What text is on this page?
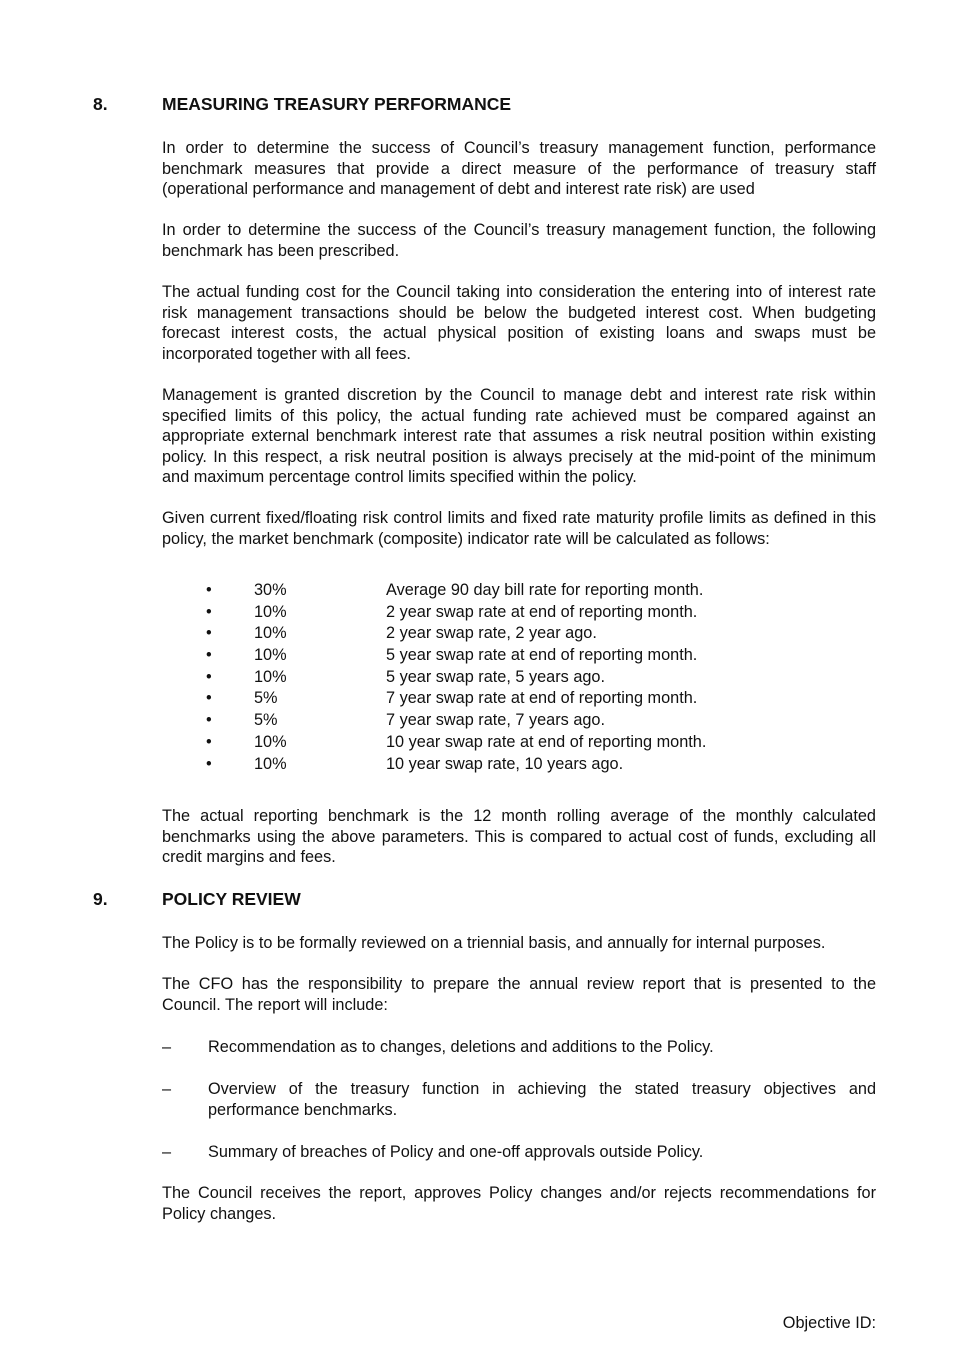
8.	MEASURING TREASURY PERFORMANCE

In order to determine the success of Council’s treasury management function, performance benchmark measures that provide a direct measure of the performance of treasury staff (operational performance and management of debt and interest rate risk) are used

In order to determine the success of the Council’s treasury management function, the following benchmark has been prescribed.

The actual funding cost for the Council taking into consideration the entering into of interest rate risk management transactions should be below the budgeted interest cost. When budgeting forecast interest costs, the actual physical position of existing loans and swaps must be incorporated together with all fees.

Management is granted discretion by the Council to manage debt and interest rate risk within specified limits of this policy, the actual funding rate achieved must be compared against an appropriate external benchmark interest rate that assumes a risk neutral position within existing policy. In this respect, a risk neutral position is always precisely at the mid-point of the minimum and maximum percentage control limits specified within the policy.

Given current fixed/floating risk control limits and fixed rate maturity profile limits as defined in this policy, the market benchmark (composite) indicator rate will be calculated as follows:

•	30%	Average 90 day bill rate for reporting month.
•	10%	2 year swap rate at end of reporting month.
•	10%	2 year swap rate, 2 year ago.
•	10%	5 year swap rate at end of reporting month.
•	10%	5 year swap rate, 5 years ago.
•	5%	7 year swap rate at end of reporting month.
•	5%	7 year swap rate, 7 years ago.
•	10%	10 year swap rate at end of reporting month.
•	10%	10 year swap rate, 10 years ago.

The actual reporting benchmark is the 12 month rolling average of the monthly calculated benchmarks using the above parameters. This is compared to actual cost of funds, excluding all credit margins and fees.

9.	POLICY REVIEW

The Policy is to be formally reviewed on a triennial basis, and annually for internal purposes.

The CFO has the responsibility to prepare the annual review report that is presented to the Council. The report will include:

– Recommendation as to changes, deletions and additions to the Policy.
– Overview of the treasury function in achieving the stated treasury objectives and performance benchmarks.
– Summary of breaches of Policy and one-off approvals outside Policy.

The Council receives the report, approves Policy changes and/or rejects recommendations for Policy changes.

Objective ID:
